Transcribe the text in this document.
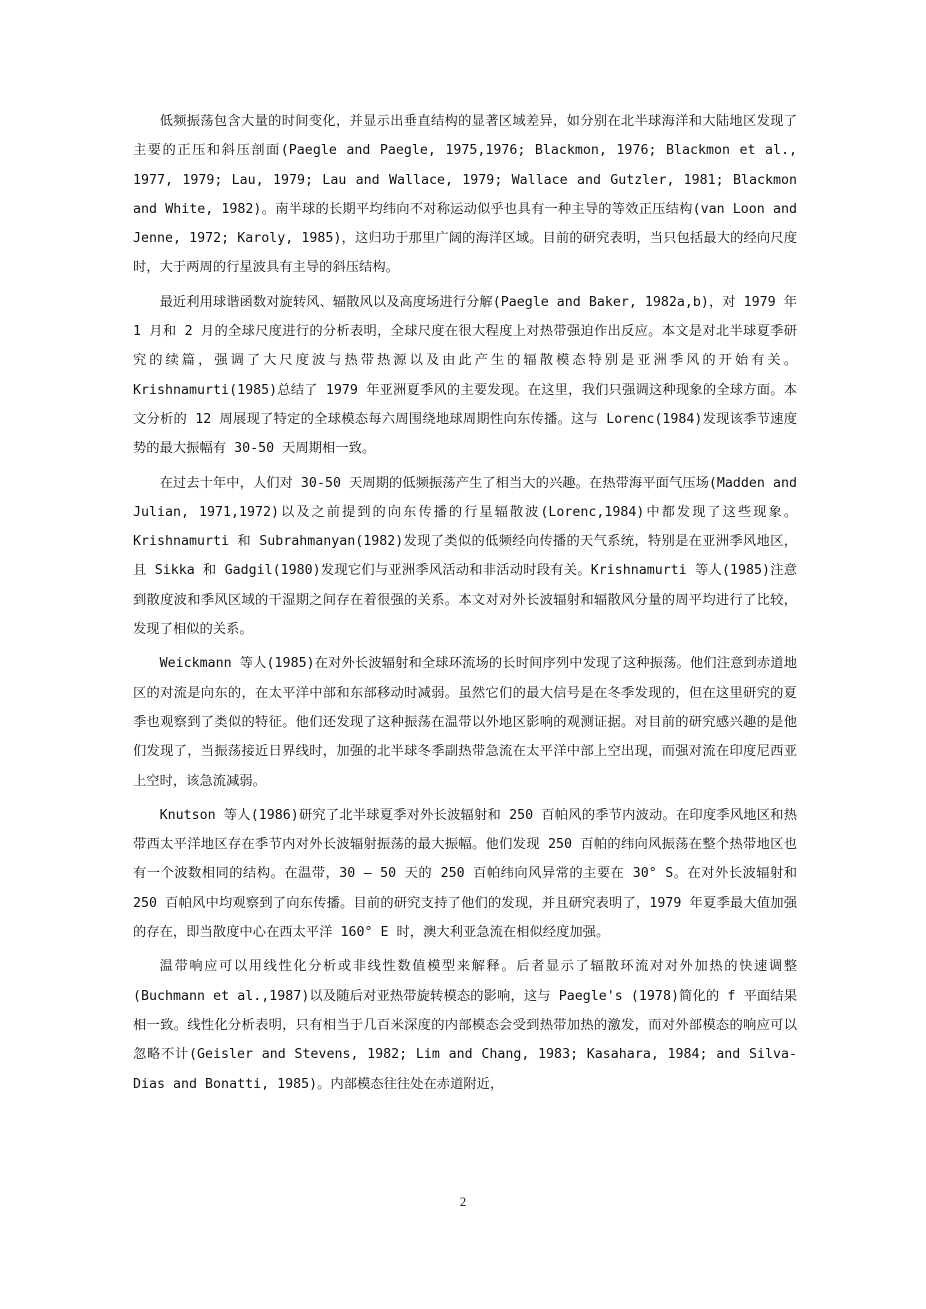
低频振荡包含大量的时间变化，并显示出垂直结构的显著区域差异，如分别在北半球海洋和大陆地区发现了主要的正压和斜压剖面(Paegle and Paegle, 1975,1976; Blackmon, 1976; Blackmon et al., 1977, 1979; Lau, 1979; Lau and Wallace, 1979; Wallace and Gutzler, 1981; Blackmon and White, 1982)。南半球的长期平均纬向不对称运动似乎也具有一种主导的等效正压结构(van Loon and Jenne, 1972; Karoly, 1985)，这归功于那里广阔的海洋区域。目前的研究表明，当只包括最大的经向尺度时，大于两周的行星波具有主导的斜压结构。

最近利用球谐函数对旋转风、辐散风以及高度场进行分解(Paegle and Baker, 1982a,b)，对 1979 年 1 月和 2 月的全球尺度进行的分析表明，全球尺度在很大程度上对热带强迫作出反应。本文是对北半球夏季研究的续篇，强调了大尺度波与热带热源以及由此产生的辐散模态特别是亚洲季风的开始有关。Krishnamurti(1985)总结了 1979 年亚洲夏季风的主要发现。在这里，我们只强调这种现象的全球方面。本文分析的 12 周展现了特定的全球模态每六周围绕地球周期性向东传播。这与 Lorenc(1984)发现该季节速度势的最大振幅有 30-50 天周期相一致。

在过去十年中，人们对 30-50 天周期的低频振荡产生了相当大的兴趣。在热带海平面气压场(Madden and Julian, 1971,1972)以及之前提到的向东传播的行星辐散波(Lorenc,1984)中都发现了这些现象。Krishnamurti 和 Subrahmanyan(1982)发现了类似的低频经向传播的天气系统，特别是在亚洲季风地区，且 Sikka 和 Gadgil(1980)发现它们与亚洲季风活动和非活动时段有关。Krishnamurti 等人(1985)注意到散度波和季风区域的干湿期之间存在着很强的关系。本文对对外长波辐射和辐散风分量的周平均进行了比较，发现了相似的关系。

Weickmann 等人(1985)在对外长波辐射和全球环流场的长时间序列中发现了这种振荡。他们注意到赤道地区的对流是向东的，在太平洋中部和东部移动时减弱。虽然它们的最大信号是在冬季发现的，但在这里研究的夏季也观察到了类似的特征。他们还发现了这种振荡在温带以外地区影响的观测证据。对目前的研究感兴趣的是他们发现了，当振荡接近日界线时，加强的北半球冬季副热带急流在太平洋中部上空出现，而强对流在印度尼西亚上空时，该急流减弱。

Knutson 等人(1986)研究了北半球夏季对外长波辐射和 250 百帕风的季节内波动。在印度季风地区和热带西太平洋地区存在季节内对外长波辐射振荡的最大振幅。他们发现 250 百帕的纬向风振荡在整个热带地区也有一个波数相同的结构。在温带，30 – 50 天的 250 百帕纬向风异常的主要在 30° S。在对外长波辐射和 250 百帕风中均观察到了向东传播。目前的研究支持了他们的发现，并且研究表明了，1979 年夏季最大值加强的存在，即当散度中心在西太平洋 160° E 时，澳大利亚急流在相似经度加强。

温带响应可以用线性化分析或非线性数值模型来解释。后者显示了辐散环流对对外加热的快速调整(Buchmann et al.,1987)以及随后对亚热带旋转模态的影响，这与 Paegle's (1978)简化的 f 平面结果相一致。线性化分析表明，只有相当于几百米深度的内部模态会受到热带加热的激发，而对外部模态的响应可以忽略不计(Geisler and Stevens, 1982; Lim and Chang, 1983; Kasahara, 1984; and Silva-Dias and Bonatti, 1985)。内部模态往往处在赤道附近，

2
